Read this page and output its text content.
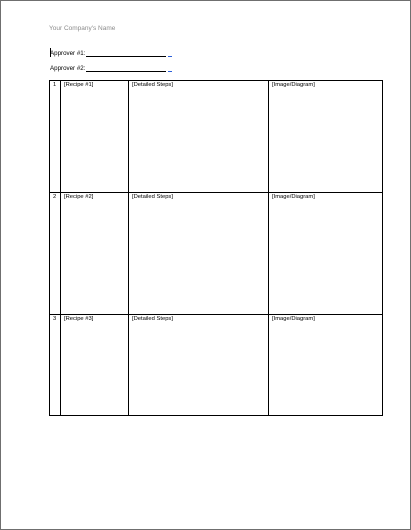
Your Company's Name
Approver #1:
Approver #2:
1	[Recipe #1]	[Detailed Steps]	[Image/Diagram]
2	[Recipe #2]	[Detailed Steps]	[Image/Diagram]
3	[Recipe #3]	[Detailed Steps]	[Image/Diagram]
